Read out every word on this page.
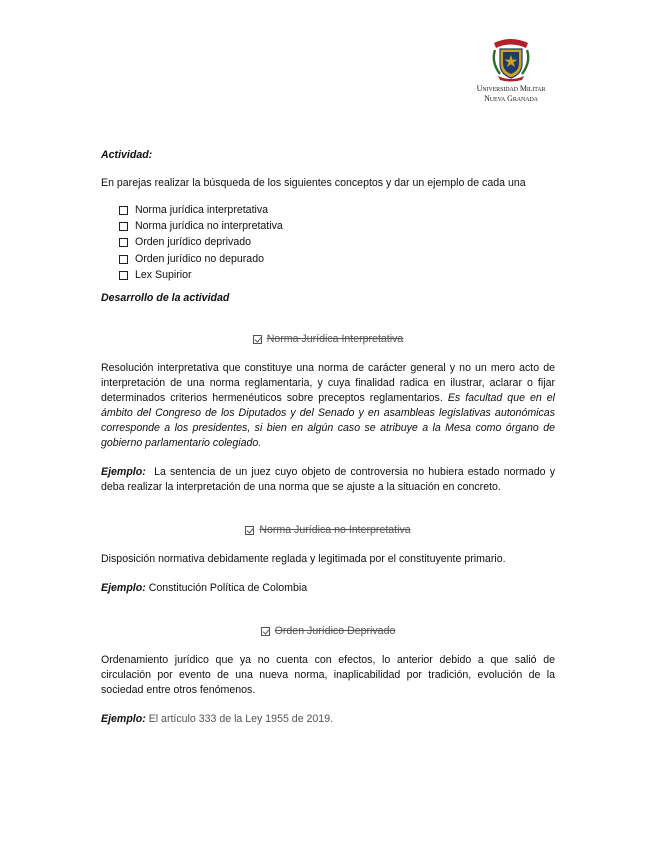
Universidad Militar
Nueva Granada

Actividad:

En parejas realizar la búsqueda de los siguientes conceptos y dar un ejemplo de cada una

Norma jurídica interpretativa
Norma jurídica no interpretativa
Orden jurídico deprivado
Orden jurídico no depurado
Lex Supirior

Desarrollo de la actividad

Norma Jurídica Interpretativa

Resolución interpretativa que constituye una norma de carácter general y no un mero acto de interpretación de una norma reglamentaria, y cuya finalidad radica en ilustrar, aclarar o fijar determinados criterios hermenéuticos sobre preceptos reglamentarios. Es facultad que en el ámbito del Congreso de los Diputados y del Senado y en asambleas legislativas autonómicas corresponde a los presidentes, si bien en algún caso se atribuye a la Mesa como órgano de gobierno parlamentario colegiado.

Ejemplo: La sentencia de un juez cuyo objeto de controversia no hubiera estado normado y deba realizar la interpretación de una norma que se ajuste a la situación en concreto.

Norma Jurídica no Interpretativa

Disposición normativa debidamente reglada y legitimada por el constituyente primario.

Ejemplo: Constitución Política de Colombia

Orden Jurídico Deprivado

Ordenamiento jurídico que ya no cuenta con efectos, lo anterior debido a que salió de circulación por evento de una nueva norma, inaplicabilidad por tradición, evolución de la sociedad entre otros fenómenos.

Ejemplo: El artículo 333 de la Ley 1955 de 2019.
